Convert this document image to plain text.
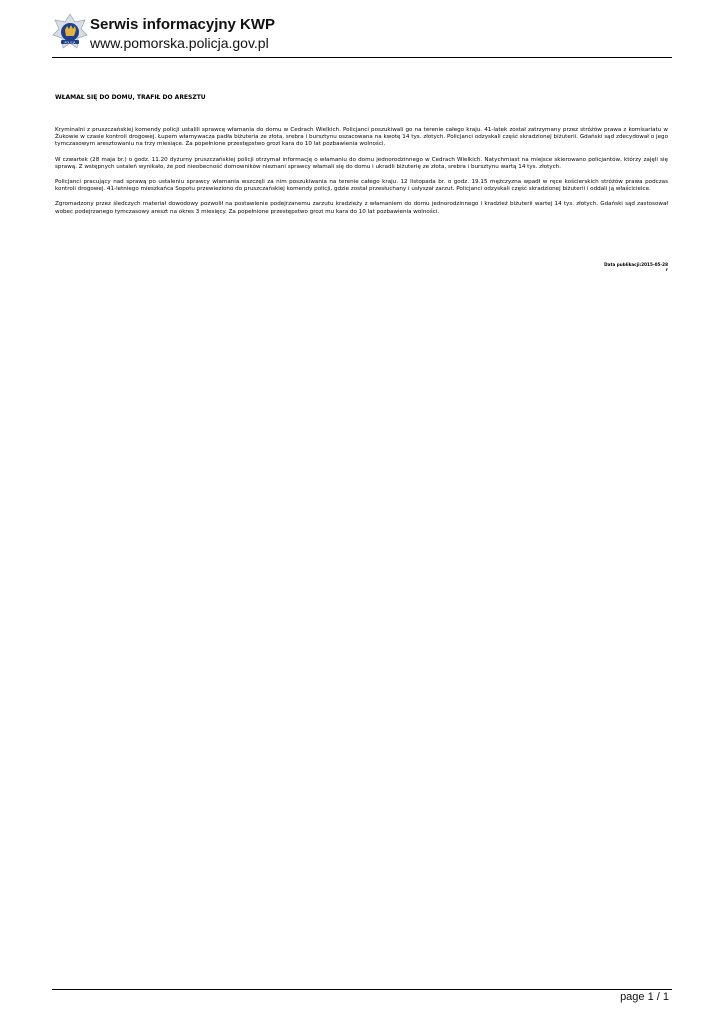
POLICJA
Serwis informacyjny KWP
www.pomorska.policja.gov.pl
WŁAMAŁ SIĘ DO DOMU, TRAFIŁ DO ARESZTU

Kryminalni z pruszczańskiej komendy policji ustalili sprawcę włamania do domu w Cedrach Wielkich. Policjanci poszukiwali go na terenie całego kraju. 41-latek został zatrzymany przez stróżów prawa z komisariatu w Żukowie w czasie kontroli drogowej. Łupem włamywacza padła biżuteria ze złota, srebra i bursztynu oszacowana na kwotę 14 tys. złotych. Policjanci odzyskali część skradzionej biżuterii. Gdański sąd zdecydował o jego tymczasowym aresztowaniu na trzy miesiące. Za popełnione przestępstwo grozi kara do 10 lat pozbawienia wolności.

W czwartek (28 maja br.) o godz. 11.20 dyżurny pruszczańskiej policji otrzymał informację o włamaniu do domu jednorodzinnego w Cedrach Wielkich. Natychmiast na miejsce skierowano policjantów, którzy zajęli się sprawą. Z wstępnych ustaleń wynikało, że pod nieobecność domowników nieznani sprawcy włamali się do domu i ukradli biżuterię ze złota, srebra i bursztynu wartą 14 tys. złotych.

Policjanci pracujący nad sprawą po ustaleniu sprawcy włamania wszczęli za nim poszukiwania na terenie całego kraju. 12 listopada br. o godz. 19.15 mężczyzna wpadł w ręce kościerskich stróżów prawa podczas kontroli drogowej. 41-letniego mieszkańca Sopotu przewieziono do pruszczańskiej komendy policji, gdzie został przesłuchany i usłyszał zarzut. Policjanci odzyskali część skradzionej biżuterii i oddali ją właścicielce.

Zgromadzony przez śledczych materiał dowodowy pozwolił na postawienie podejrzanemu zarzutu kradzieży z włamaniem do domu jednorodzinnego i kradzież biżuterii wartej 14 tys. złotych. Gdański sąd zastosował wobec podejrzanego tymczasowy areszt na okres 3 miesięcy. Za popełnione przestępstwo grozi mu kara do 10 lat pozbawienia wolności.

Data publikacji:2015-05-28
r
page 1 / 1
